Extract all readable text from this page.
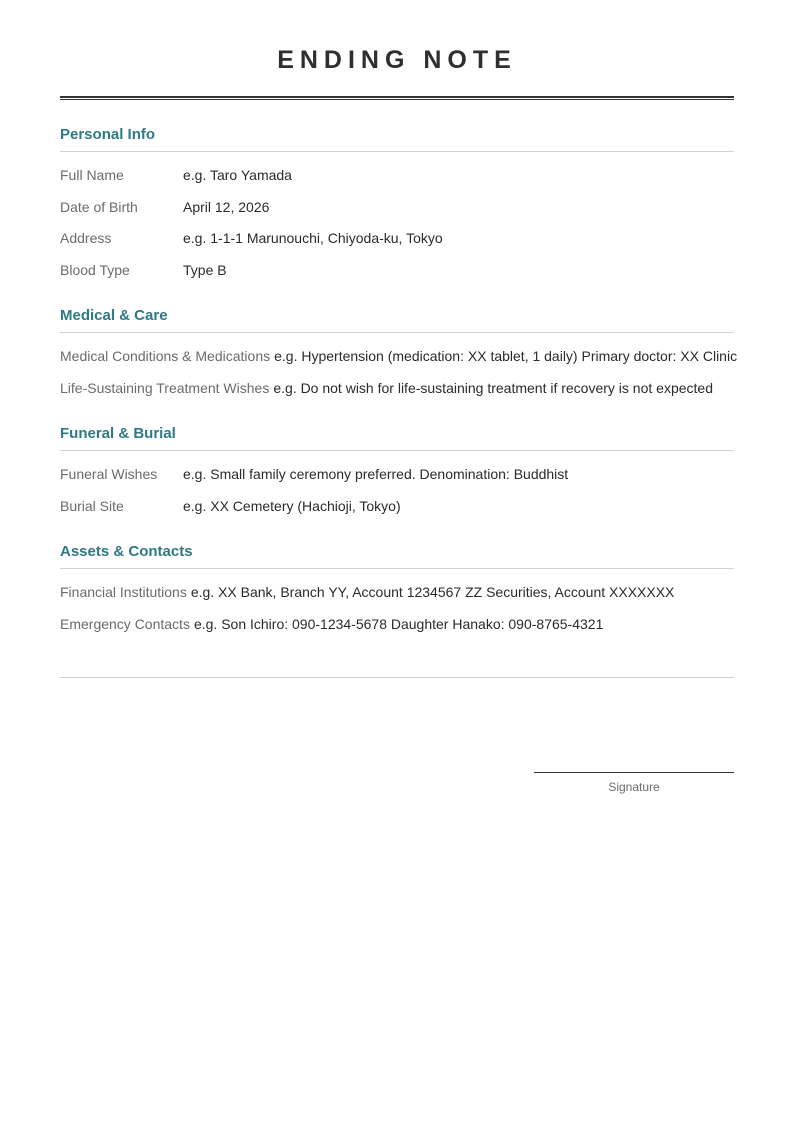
ENDING NOTE
Personal Info
Full Name	e.g. Taro Yamada
Date of Birth	April 12, 2026
Address	e.g. 1-1-1 Marunouchi, Chiyoda-ku, Tokyo
Blood Type	Type B
Medical & Care
Medical Conditions & Medications e.g. Hypertension (medication: XX tablet, 1 daily) Primary doctor: XX Clinic
Life-Sustaining Treatment Wishes e.g. Do not wish for life-sustaining treatment if recovery is not expected
Funeral & Burial
Funeral Wishes e.g. Small family ceremony preferred. Denomination: Buddhist
Burial Site	e.g. XX Cemetery (Hachioji, Tokyo)
Assets & Contacts
Financial Institutions e.g. XX Bank, Branch YY, Account 1234567 ZZ Securities, Account XXXXXXX
Emergency Contacts e.g. Son Ichiro: 090-1234-5678 Daughter Hanako: 090-8765-4321
Signature
